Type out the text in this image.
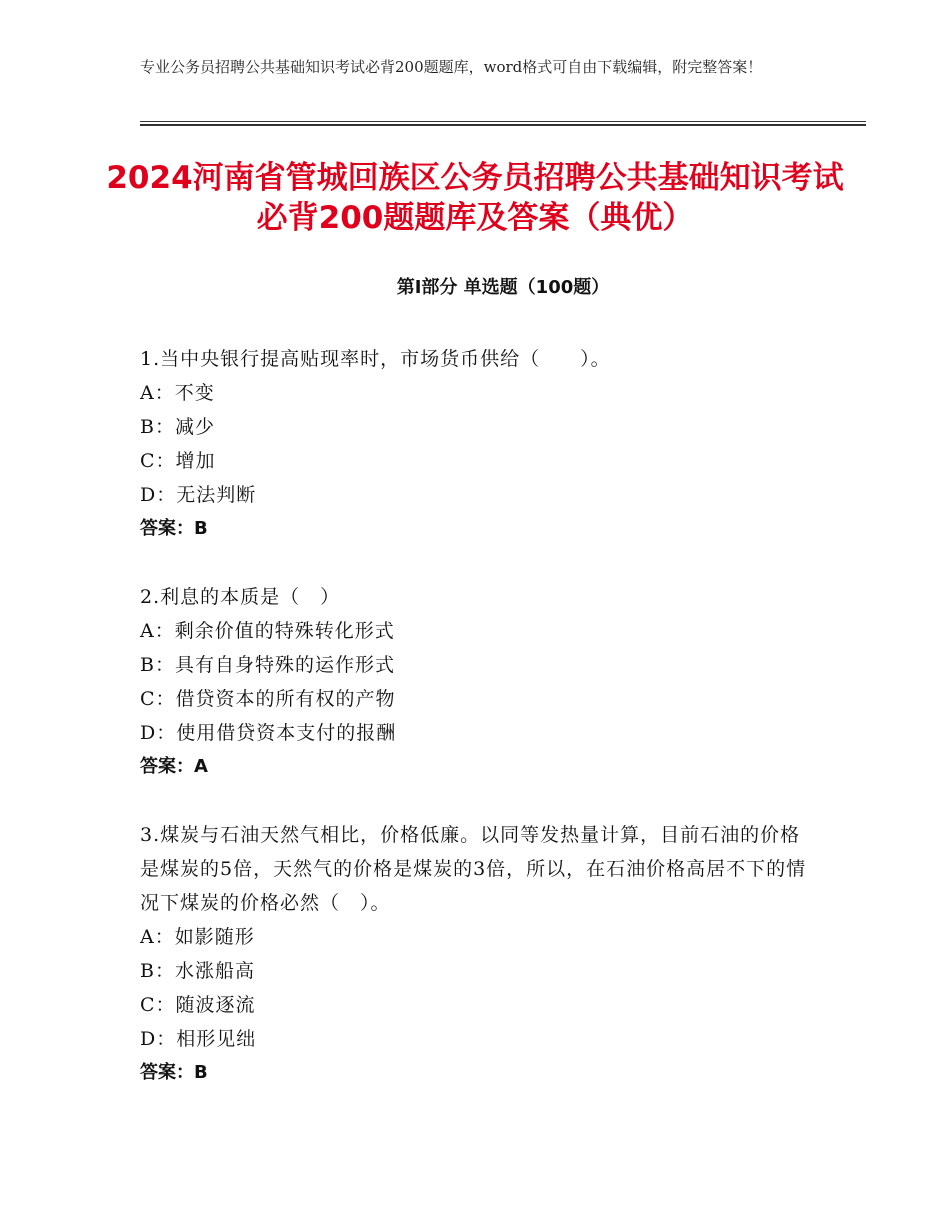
专业公务员招聘公共基础知识考试必背200题题库，word格式可自由下载编辑，附完整答案！
2024河南省管城回族区公务员招聘公共基础知识考试必背200题题库及答案（典优）
第Ⅰ部分 单选题（100题）

1.当中央银行提高贴现率时，市场货币供给（　　）。

A：不变

B：减少

C：增加

D：无法判断

答案：B

2.利息的本质是（　）

A：剩余价值的特殊转化形式

B：具有自身特殊的运作形式

C：借贷资本的所有权的产物

D：使用借贷资本支付的报酬

答案：A

3.煤炭与石油天然气相比，价格低廉。以同等发热量计算，目前石油的价格是煤炭的5倍，天然气的价格是煤炭的3倍，所以，在石油价格高居不下的情况下煤炭的价格必然（　）。

A：如影随形

B：水涨船高

C：随波逐流

D：相形见绌

答案：B
